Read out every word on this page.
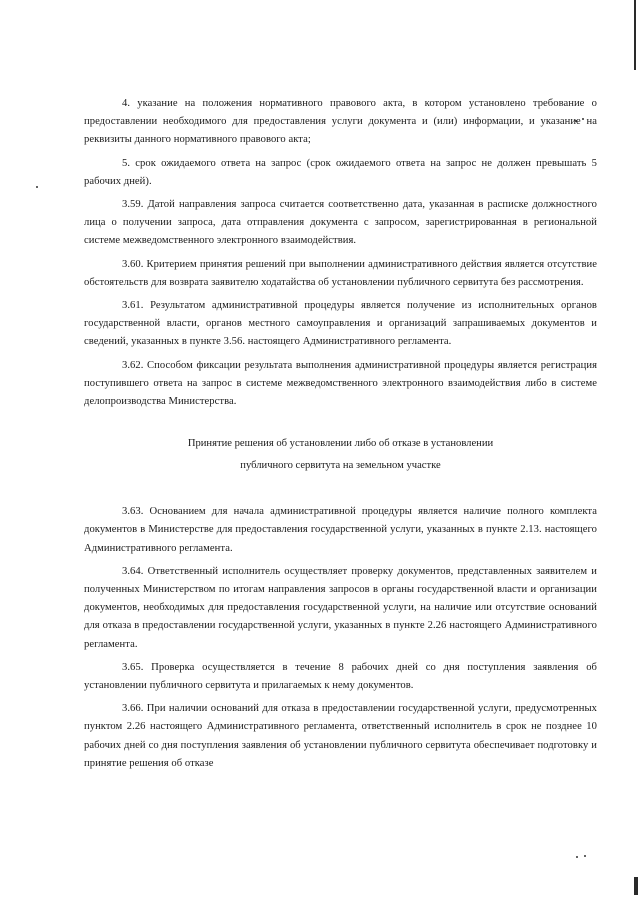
4. указание на положения нормативного правового акта, в котором установлено требование о предоставлении необходимого для предоставления услуги документа и (или) информации, и указание на реквизиты данного нормативного правового акта;

5. срок ожидаемого ответа на запрос (срок ожидаемого ответа на запрос не должен превышать 5 рабочих дней).

3.59. Датой направления запроса считается соответственно дата, указанная в расписке должностного лица о получении запроса, дата отправления документа с запросом, зарегистрированная в региональной системе межведомственного электронного взаимодействия.

3.60. Критерием принятия решений при выполнении административного действия является отсутствие обстоятельств для возврата заявителю ходатайства об установлении публичного сервитута без рассмотрения.

3.61. Результатом административной процедуры является получение из исполнительных органов государственной власти, органов местного самоуправления и организаций запрашиваемых документов и сведений, указанных в пункте 3.56. настоящего Административного регламента.

3.62. Способом фиксации результата выполнения административной процедуры является регистрация поступившего ответа на запрос в системе межведомственного электронного взаимодействия либо в системе делопроизводства Министерства.

Принятие решения об установлении либо об отказе в установлении
публичного сервитута на земельном участке

3.63. Основанием для начала административной процедуры является наличие полного комплекта документов в Министерстве для предоставления государственной услуги, указанных в пункте 2.13. настоящего Административного регламента.

3.64. Ответственный исполнитель осуществляет проверку документов, представленных заявителем и полученных Министерством по итогам направления запросов в органы государственной власти и организации документов, необходимых для предоставления государственной услуги, на наличие или отсутствие оснований для отказа в предоставлении государственной услуги, указанных в пункте 2.26 настоящего Административного регламента.

3.65. Проверка осуществляется в течение 8 рабочих дней со дня поступления заявления об установлении публичного сервитута и прилагаемых к нему документов.

3.66. При наличии оснований для отказа в предоставлении государственной услуги, предусмотренных пунктом 2.26 настоящего Административного регламента, ответственный исполнитель в срок не позднее 10 рабочих дней со дня поступления заявления об установлении публичного сервитута обеспечивает подготовку и принятие решения об отказе
